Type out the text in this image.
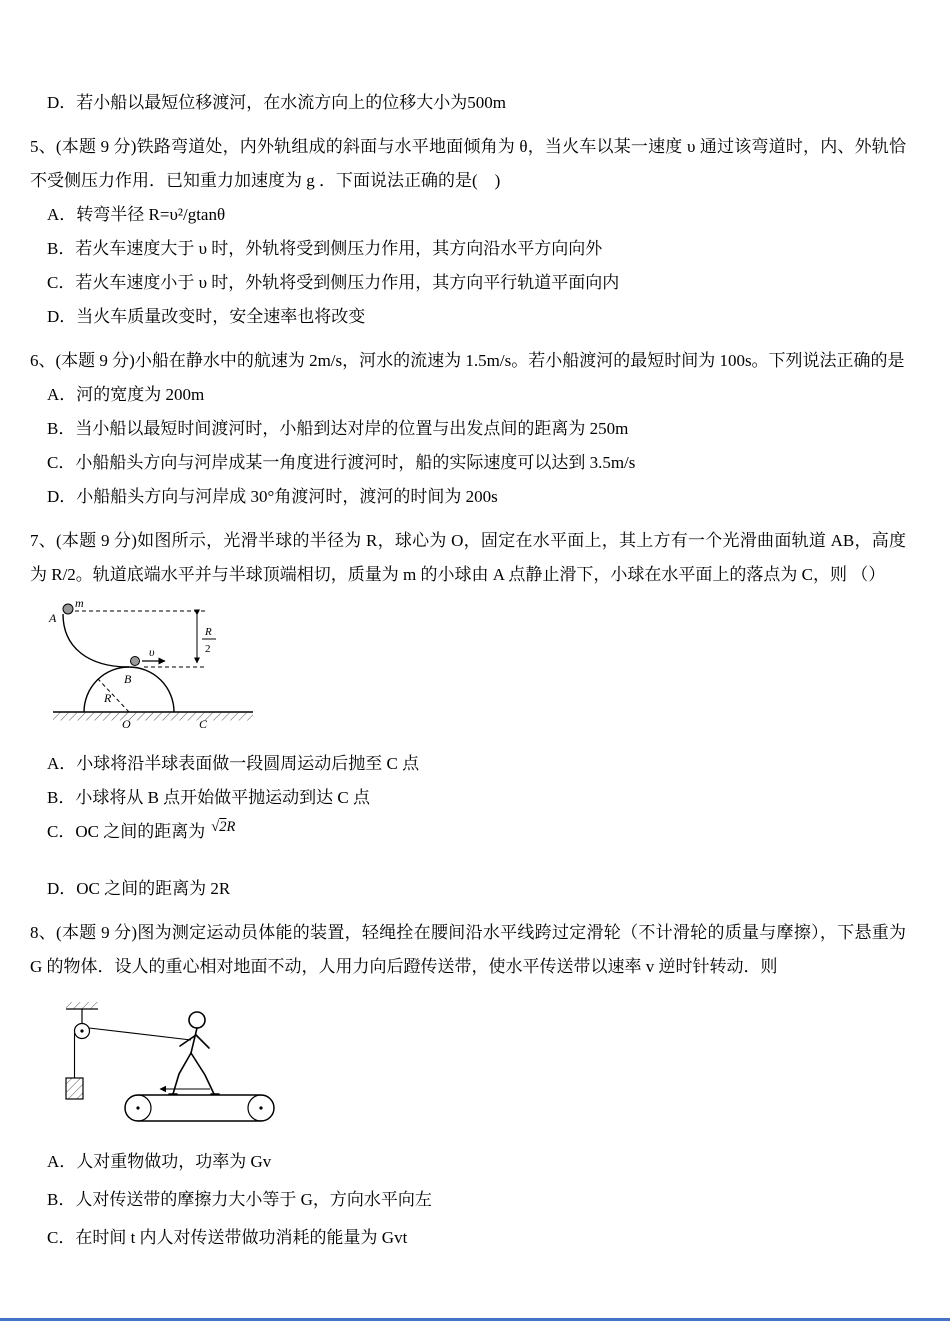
D．若小船以最短位移渡河，在水流方向上的位移大小为500m

5、(本题 9 分)铁路弯道处，内外轨组成的斜面与水平地面倾角为 θ，当火车以某一速度 υ 通过该弯道时，内、外轨恰不受侧压力作用．已知重力加速度为 g ．下面说法正确的是(　)

A．转弯半径 R=υ²/gtanθ

B．若火车速度大于 υ 时，外轨将受到侧压力作用，其方向沿水平方向向外

C．若火车速度小于 υ 时，外轨将受到侧压力作用，其方向平行轨道平面向内

D．当火车质量改变时，安全速率也将改变

6、(本题 9 分)小船在静水中的航速为 2m/s，河水的流速为 1.5m/s。若小船渡河的最短时间为 100s。下列说法正确的是

A．河的宽度为 200m

B．当小船以最短时间渡河时，小船到达对岸的位置与出发点间的距离为 250m

C．小船船头方向与河岸成某一角度进行渡河时，船的实际速度可以达到 3.5m/s

D．小船船头方向与河岸成 30°角渡河时，渡河的时间为 200s

7、(本题 9 分)如图所示，光滑半球的半径为 R，球心为 O，固定在水平面上，其上方有一个光滑曲面轨道 AB，高度为 R/2。轨道底端水平并与半球顶端相切，质量为 m 的小球由 A 点静止滑下，小球在水平面上的落点为 C，则 （）

A
m
R
2
υ
B
R
O	C

A．小球将沿半球表面做一段圆周运动后抛至 C 点

B．小球将从 B 点开始做平抛运动到达 C 点

C．OC 之间的距离为 √2R

D．OC 之间的距离为 2R

8、(本题 9 分)图为测定运动员体能的装置，轻绳拴在腰间沿水平线跨过定滑轮（不计滑轮的质量与摩擦），下悬重为 G 的物体．设人的重心相对地面不动，人用力向后蹬传送带，使水平传送带以速率 v 逆时针转动．则

A．人对重物做功，功率为 Gv

B．人对传送带的摩擦力大小等于 G，方向水平向左

C．在时间 t 内人对传送带做功消耗的能量为 Gvt
